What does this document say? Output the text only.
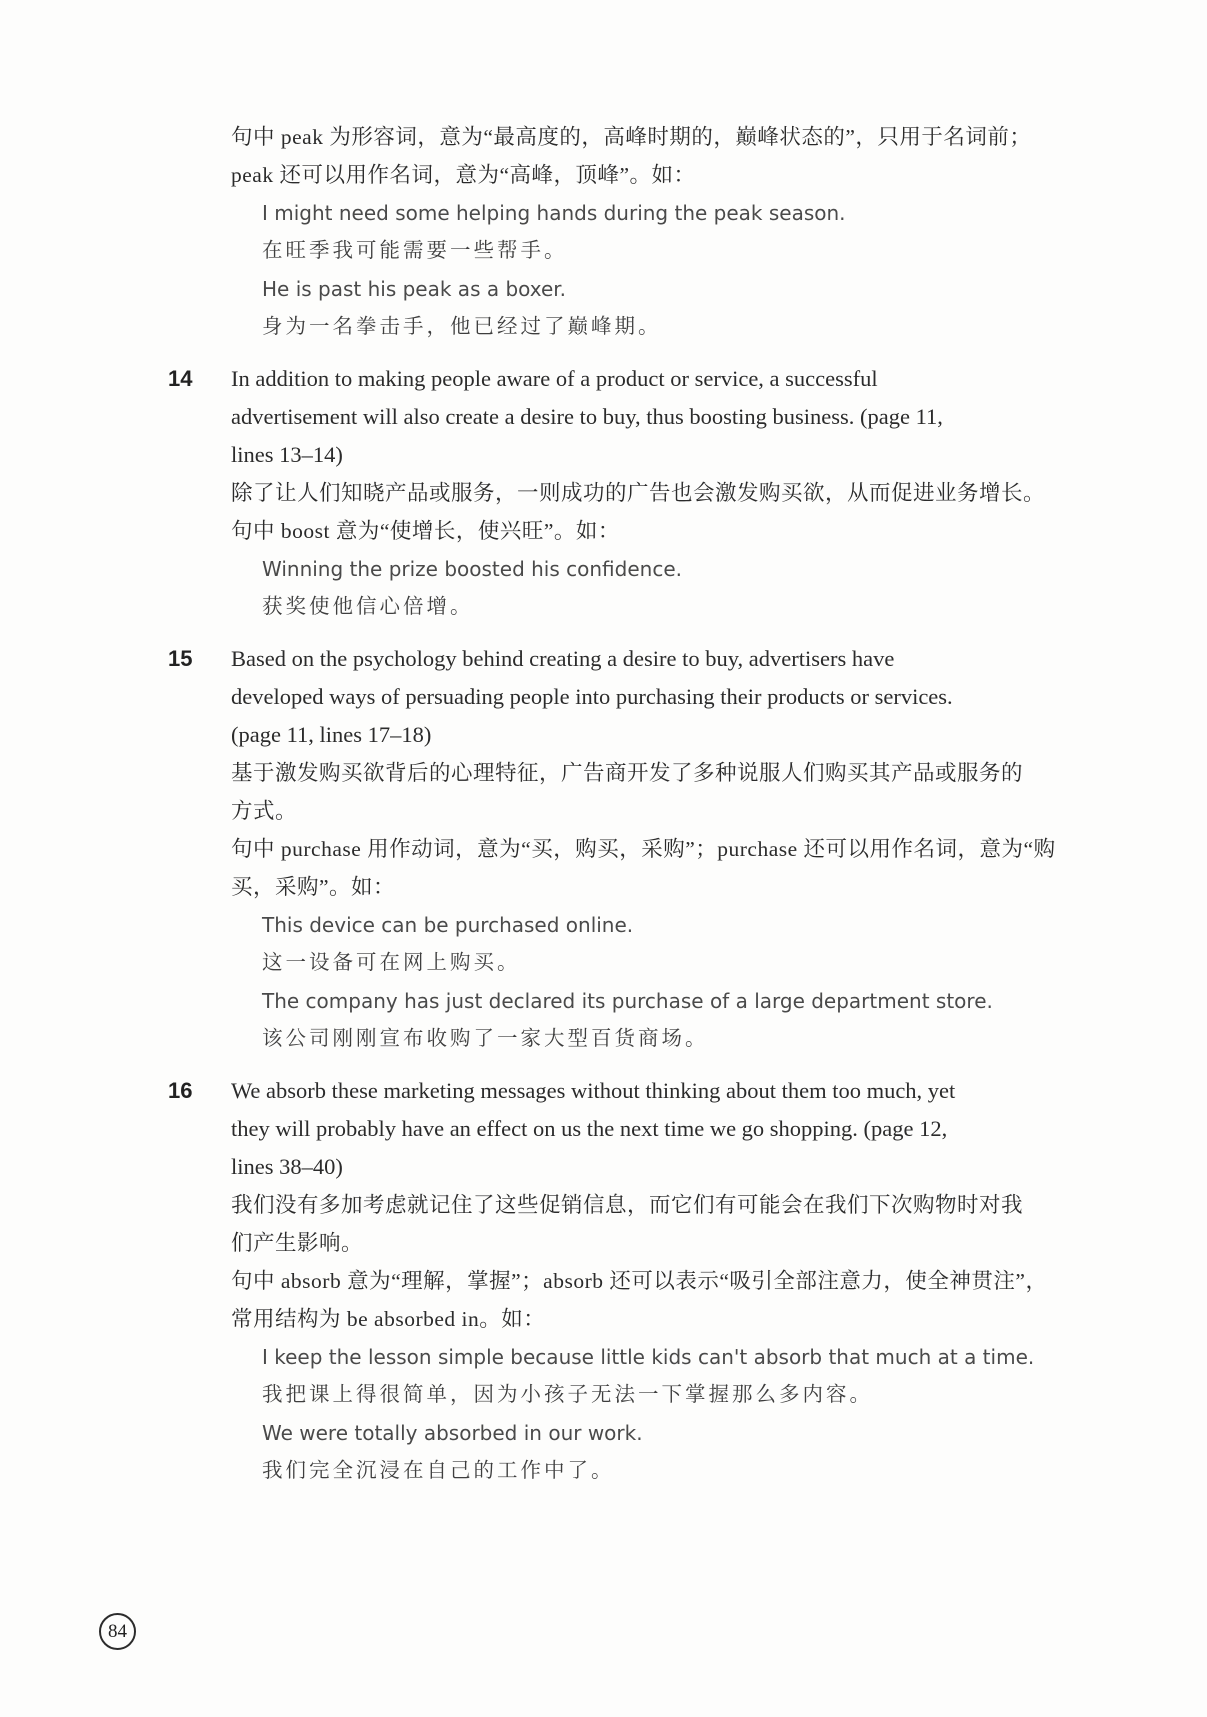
句中 peak 为形容词，意为“最高度的，高峰时期的，巅峰状态的”，只用于名词前；

peak 还可以用作名词，意为“高峰，顶峰”。如：

I might need some helping hands during the peak season.

在旺季我可能需要一些帮手。

He is past his peak as a boxer.

身为一名拳击手，他已经过了巅峰期。

14 In addition to making people aware of a product or service, a successful

advertisement will also create a desire to buy, thus boosting business. (page 11,

lines 13–14)

除了让人们知晓产品或服务，一则成功的广告也会激发购买欲，从而促进业务增长。

句中 boost 意为“使增长，使兴旺”。如：

Winning the prize boosted his confidence.

获奖使他信心倍增。

15 Based on the psychology behind creating a desire to buy, advertisers have

developed ways of persuading people into purchasing their products or services.

(page 11, lines 17–18)

基于激发购买欲背后的心理特征，广告商开发了多种说服人们购买其产品或服务的

方式。

句中 purchase 用作动词，意为“买，购买，采购”；purchase 还可以用作名词，意为“购

买，采购”。如：

This device can be purchased online.

这一设备可在网上购买。

The company has just declared its purchase of a large department store.

该公司刚刚宣布收购了一家大型百货商场。

16 We absorb these marketing messages without thinking about them too much, yet

they will probably have an effect on us the next time we go shopping. (page 12,

lines 38–40)

我们没有多加考虑就记住了这些促销信息，而它们有可能会在我们下次购物时对我

们产生影响。

句中 absorb 意为“理解，掌握”；absorb 还可以表示“吸引全部注意力，使全神贯注”，

常用结构为 be absorbed in。如：

I keep the lesson simple because little kids can't absorb that much at a time.

我把课上得很简单，因为小孩子无法一下掌握那么多内容。

We were totally absorbed in our work.

我们完全沉浸在自己的工作中了。

84
